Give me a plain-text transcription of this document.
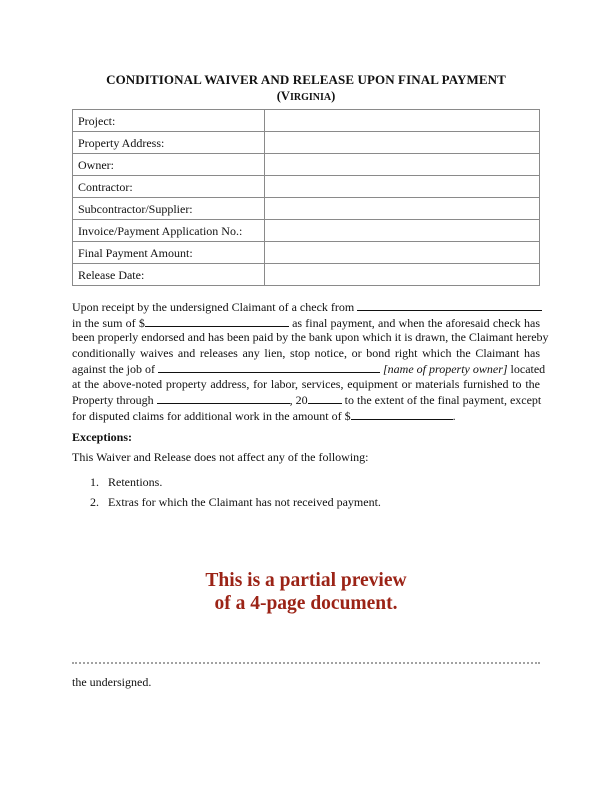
CONDITIONAL WAIVER AND RELEASE UPON FINAL PAYMENT
(VIRGINIA)
Project:	
Property Address:	
Owner:	
Contractor:	
Subcontractor/Supplier:	
Invoice/Payment Application No.:	
Final Payment Amount:	
Release Date:	
Upon receipt by the undersigned Claimant of a check from
in the sum of $	as final payment, and when the aforesaid check has
been properly endorsed and has been paid by the bank upon which it is drawn, the Claimant hereby
conditionally waives and releases any lien, stop notice, or bond right which the Claimant has
against the job of	[name of property owner] located
at the above-noted property address, for labor, services, equipment or materials furnished to the
Property through	, 20	to the extent of the final payment, except
for disputed claims for additional work in the amount of $	.
Exceptions:
This Waiver and Release does not affect any of the following:
1. Retentions.
2. Extras for which the Claimant has not received payment.
This is a partial preview
of a 4-page document.
the undersigned.
